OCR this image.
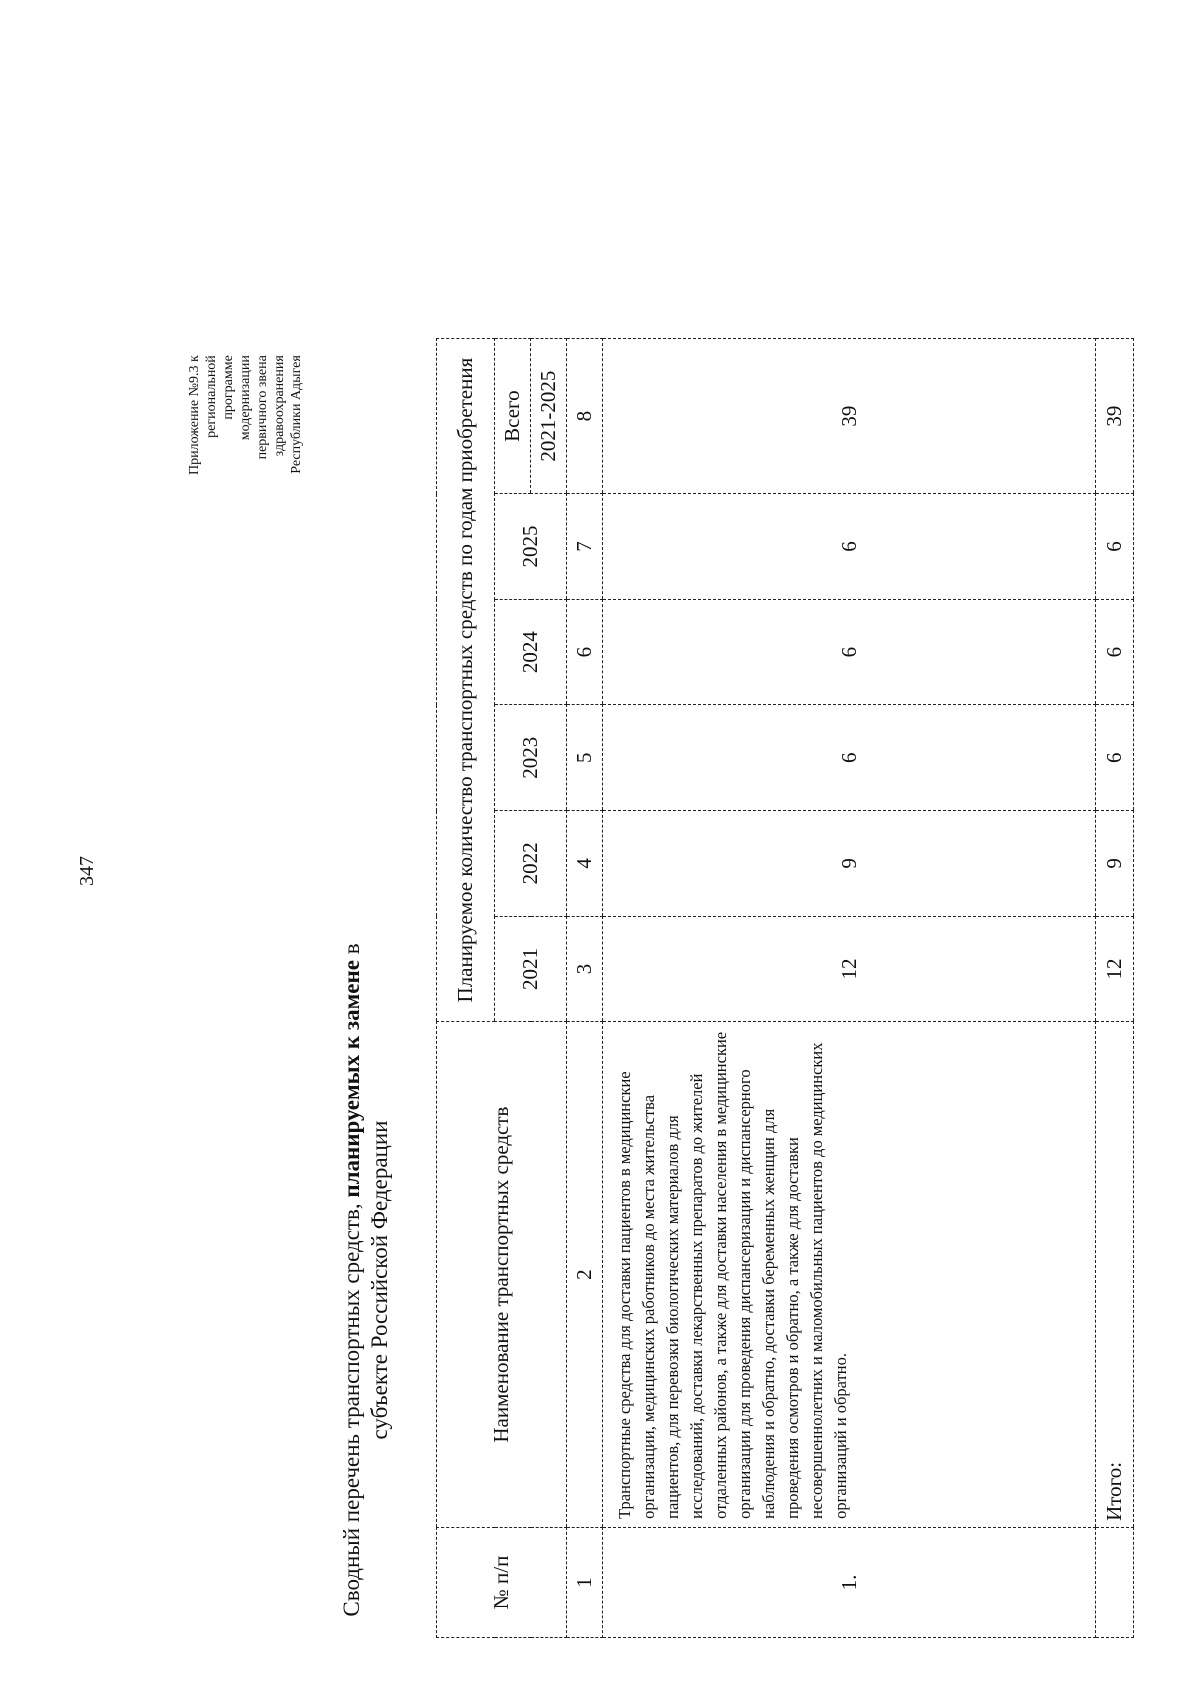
347
Приложение №9.3 к региональной программе модернизации первичного звена здравоохранения Республики Адыгея
Сводный перечень транспортных средств, планируемых к замене в субъекте Российской Федерации
№ п/п	Наименование транспортных средств	Планируемое количество транспортных средств по годам приобретения					
		2021	2022	2023	2024	2025	Всего
							2021-2025
1	2	3	4	5	6	7	8
1.	Транспортные средства для доставки пациентов в медицинские организации, медицинских работников до места жительства пациентов, для перевозки биологических материалов для исследований, доставки лекарственных препаратов до жителей отдаленных районов, а также для доставки населения в медицинские организации для проведения диспансеризации и диспансерного наблюдения и обратно, доставки беременных женщин для проведения осмотров и обратно, а также для доставки несовершеннолетних и маломобильных пациентов до медицинских организаций и обратно.	12	9	6	6	6	39
	Итого:	12	9	6	6	6	39
